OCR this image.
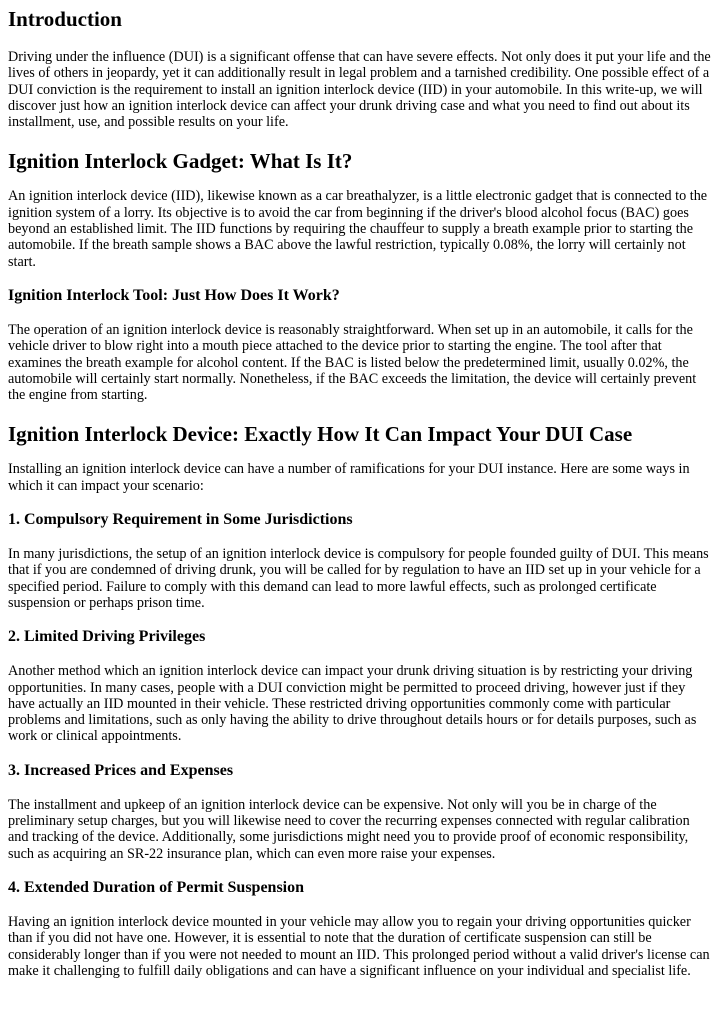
Introduction

Driving under the influence (DUI) is a significant offense that can have severe effects. Not only does it put your life and the lives of others in jeopardy, yet it can additionally result in legal problem and a tarnished credibility. One possible effect of a DUI conviction is the requirement to install an ignition interlock device (IID) in your automobile. In this write-up, we will discover just how an ignition interlock device can affect your drunk driving case and what you need to find out about its installment, use, and possible results on your life.

Ignition Interlock Gadget: What Is It?

An ignition interlock device (IID), likewise known as a car breathalyzer, is a little electronic gadget that is connected to the ignition system of a lorry. Its objective is to avoid the car from beginning if the driver's blood alcohol focus (BAC) goes beyond an established limit. The IID functions by requiring the chauffeur to supply a breath example prior to starting the automobile. If the breath sample shows a BAC above the lawful restriction, typically 0.08%, the lorry will certainly not start.

Ignition Interlock Tool: Just How Does It Work?

The operation of an ignition interlock device is reasonably straightforward. When set up in an automobile, it calls for the vehicle driver to blow right into a mouth piece attached to the device prior to starting the engine. The tool after that examines the breath example for alcohol content. If the BAC is listed below the predetermined limit, usually 0.02%, the automobile will certainly start normally. Nonetheless, if the BAC exceeds the limitation, the device will certainly prevent the engine from starting.

Ignition Interlock Device: Exactly How It Can Impact Your DUI Case

Installing an ignition interlock device can have a number of ramifications for your DUI instance. Here are some ways in which it can impact your scenario:

1. Compulsory Requirement in Some Jurisdictions

In many jurisdictions, the setup of an ignition interlock device is compulsory for people founded guilty of DUI. This means that if you are condemned of driving drunk, you will be called for by regulation to have an IID set up in your vehicle for a specified period. Failure to comply with this demand can lead to more lawful effects, such as prolonged certificate suspension or perhaps prison time.

2. Limited Driving Privileges

Another method which an ignition interlock device can impact your drunk driving situation is by restricting your driving opportunities. In many cases, people with a DUI conviction might be permitted to proceed driving, however just if they have actually an IID mounted in their vehicle. These restricted driving opportunities commonly come with particular problems and limitations, such as only having the ability to drive throughout details hours or for details purposes, such as work or clinical appointments.

3. Increased Prices and Expenses

The installment and upkeep of an ignition interlock device can be expensive. Not only will you be in charge of the preliminary setup charges, but you will likewise need to cover the recurring expenses connected with regular calibration and tracking of the device. Additionally, some jurisdictions might need you to provide proof of economic responsibility, such as acquiring an SR-22 insurance plan, which can even more raise your expenses.

4. Extended Duration of Permit Suspension

Having an ignition interlock device mounted in your vehicle may allow you to regain your driving opportunities quicker than if you did not have one. However, it is essential to note that the duration of certificate suspension can still be considerably longer than if you were not needed to mount an IID. This prolonged period without a valid driver's license can make it challenging to fulfill daily obligations and can have a significant influence on your individual and specialist life.
